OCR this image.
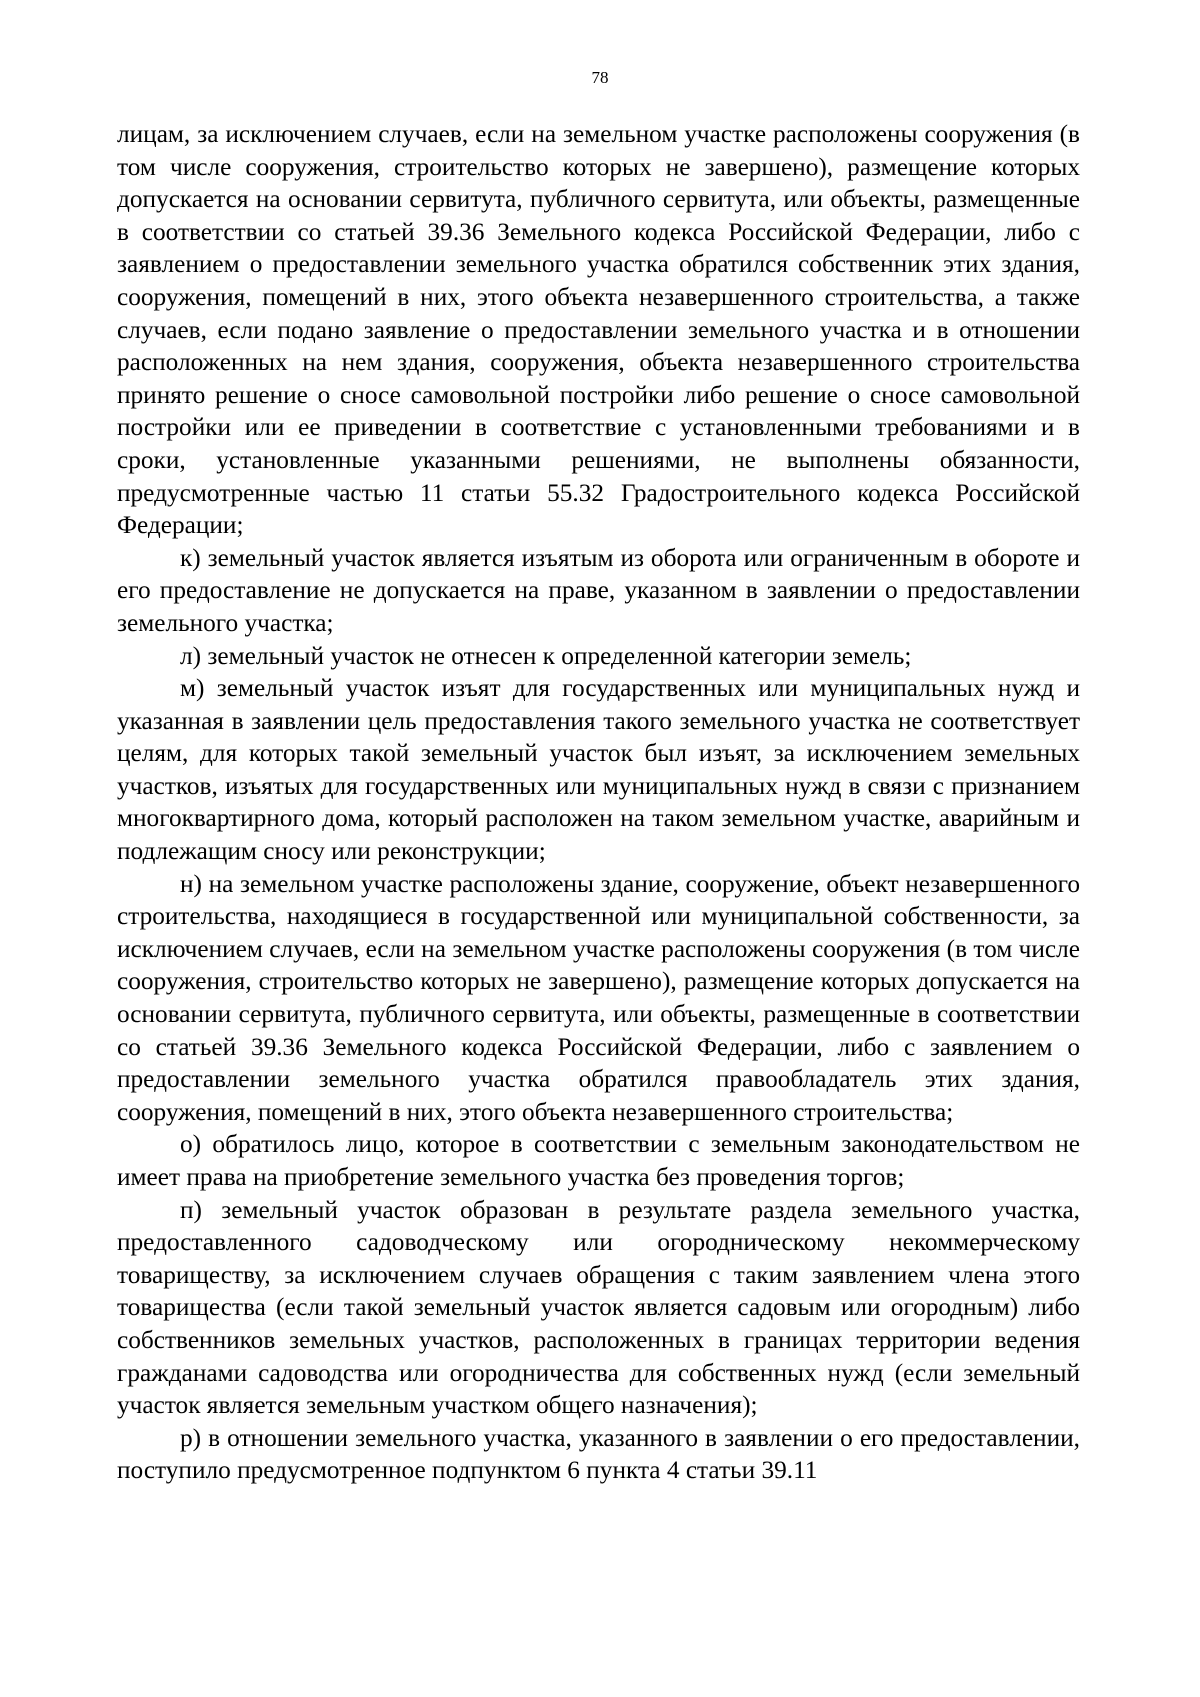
78

лицам, за исключением случаев, если на земельном участке расположены сооружения (в том числе сооружения, строительство которых не завершено), размещение которых допускается на основании сервитута, публичного сервитута, или объекты, размещенные в соответствии со статьей 39.36 Земельного кодекса Российской Федерации, либо с заявлением о предоставлении земельного участка обратился собственник этих здания, сооружения, помещений в них, этого объекта незавершенного строительства, а также случаев, если подано заявление о предоставлении земельного участка и в отношении расположенных на нем здания, сооружения, объекта незавершенного строительства принято решение о сносе самовольной постройки либо решение о сносе самовольной постройки или ее приведении в соответствие с установленными требованиями и в сроки, установленные указанными решениями, не выполнены обязанности, предусмотренные частью 11 статьи 55.32 Градостроительного кодекса Российской Федерации;

к) земельный участок является изъятым из оборота или ограниченным в обороте и его предоставление не допускается на праве, указанном в заявлении о предоставлении земельного участка;

л) земельный участок не отнесен к определенной категории земель;

м) земельный участок изъят для государственных или муниципальных нужд и указанная в заявлении цель предоставления такого земельного участка не соответствует целям, для которых такой земельный участок был изъят, за исключением земельных участков, изъятых для государственных или муниципальных нужд в связи с признанием многоквартирного дома, который расположен на таком земельном участке, аварийным и подлежащим сносу или реконструкции;

н) на земельном участке расположены здание, сооружение, объект незавершенного строительства, находящиеся в государственной или муниципальной собственности, за исключением случаев, если на земельном участке расположены сооружения (в том числе сооружения, строительство которых не завершено), размещение которых допускается на основании сервитута, публичного сервитута, или объекты, размещенные в соответствии со статьей 39.36 Земельного кодекса Российской Федерации, либо с заявлением о предоставлении земельного участка обратился правообладатель этих здания, сооружения, помещений в них, этого объекта незавершенного строительства;

о) обратилось лицо, которое в соответствии с земельным законодательством не имеет права на приобретение земельного участка без проведения торгов;

п) земельный участок образован в результате раздела земельного участка, предоставленного садоводческому или огородническому некоммерческому товариществу, за исключением случаев обращения с таким заявлением члена этого товарищества (если такой земельный участок является садовым или огородным) либо собственников земельных участков, расположенных в границах территории ведения гражданами садоводства или огородничества для собственных нужд (если земельный участок является земельным участком общего назначения);

р) в отношении земельного участка, указанного в заявлении о его предоставлении, поступило предусмотренное подпунктом 6 пункта 4 статьи 39.11
